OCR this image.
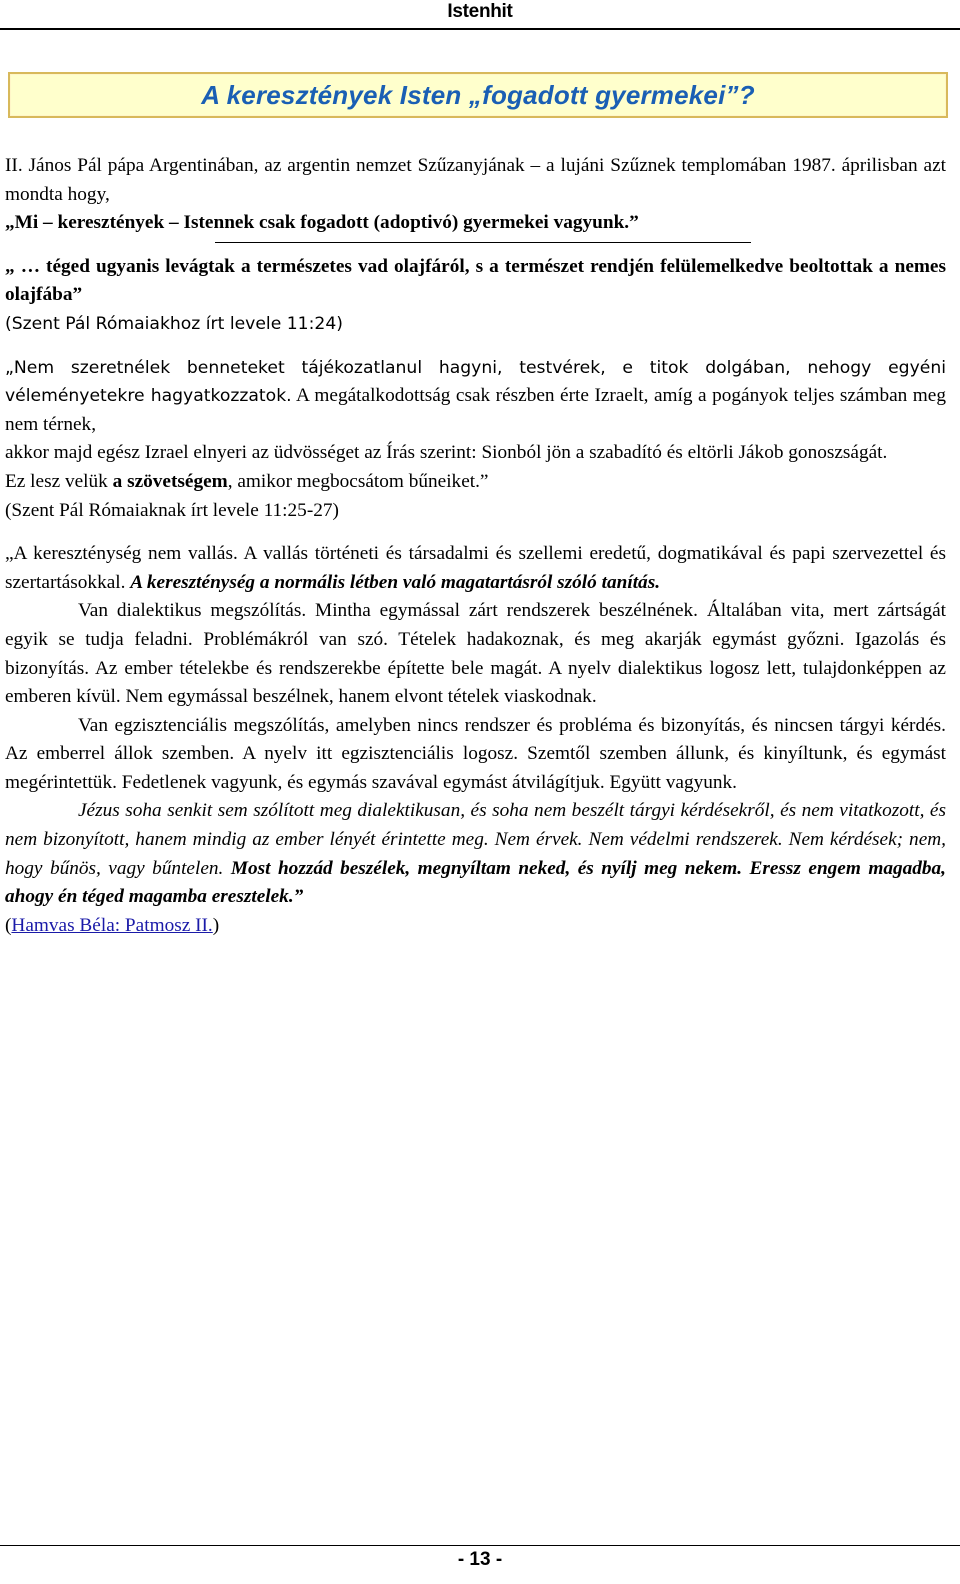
Istenhit
A keresztények Isten „fogadott gyermekei”?

II. János Pál pápa Argentinában, az argentin nemzet Szűzanyjának – a lujáni Szűznek templomában 1987. áprilisban azt mondta hogy,

„Mi – keresztények – Istennek csak fogadott (adoptivó) gyermekei vagyunk.”

„ … téged ugyanis levágtak a természetes vad olajfáról, s a természet rendjén felülemelkedve beoltottak a nemes olajfába”

(Szent Pál Rómaiakhoz írt levele 11:24)

„Nem szeretnélek benneteket tájékozatlanul hagyni, testvérek, e titok dolgában, nehogy egyéni véleményetekre hagyatkozzatok. A megátalkodottság csak részben érte Izraelt, amíg a pogányok teljes számban meg nem térnek,

akkor majd egész Izrael elnyeri az üdvösséget az Írás szerint: Sionból jön a szabadító és eltörli Jákob gonoszságát.

Ez lesz velük a szövetségem, amikor megbocsátom bűneiket.”

(Szent Pál Rómaiaknak írt levele 11:25-27)

„A kereszténység nem vallás. A vallás történeti és társadalmi és szellemi eredetű, dogmatikával és papi szervezettel és szertartásokkal. A kereszténység a normális létben való magatartásról szóló tanítás.

Van dialektikus megszólítás. Mintha egymással zárt rendszerek beszélnének. Általában vita, mert zártságát egyik se tudja feladni. Problémákról van szó. Tételek hadakoznak, és meg akarják egymást győzni. Igazolás és bizonyítás. Az ember tételekbe és rendszerekbe építette bele magát. A nyelv dialektikus logosz lett, tulajdonképpen az emberen kívül. Nem egymással beszélnek, hanem elvont tételek viaskodnak.

Van egzisztenciális megszólítás, amelyben nincs rendszer és probléma és bizonyítás, és nincsen tárgyi kérdés. Az emberrel állok szemben. A nyelv itt egzisztenciális logosz. Szemtől szemben állunk, és kinyíltunk, és egymást megérintettük. Fedetlenek vagyunk, és egymás szavával egymást átvilágítjuk. Együtt vagyunk.

Jézus soha senkit sem szólított meg dialektikusan, és soha nem beszélt tárgyi kérdésekről, és nem vitatkozott, és nem bizonyított, hanem mindig az ember lényét érintette meg. Nem érvek. Nem védelmi rendszerek. Nem kérdések; nem, hogy bűnös, vagy bűntelen. Most hozzád beszélek, megnyíltam neked, és nyílj meg nekem. Eressz engem magadba, ahogy én téged magamba eresztelek.”

(Hamvas Béla: Patmosz II.)

- 13 -
